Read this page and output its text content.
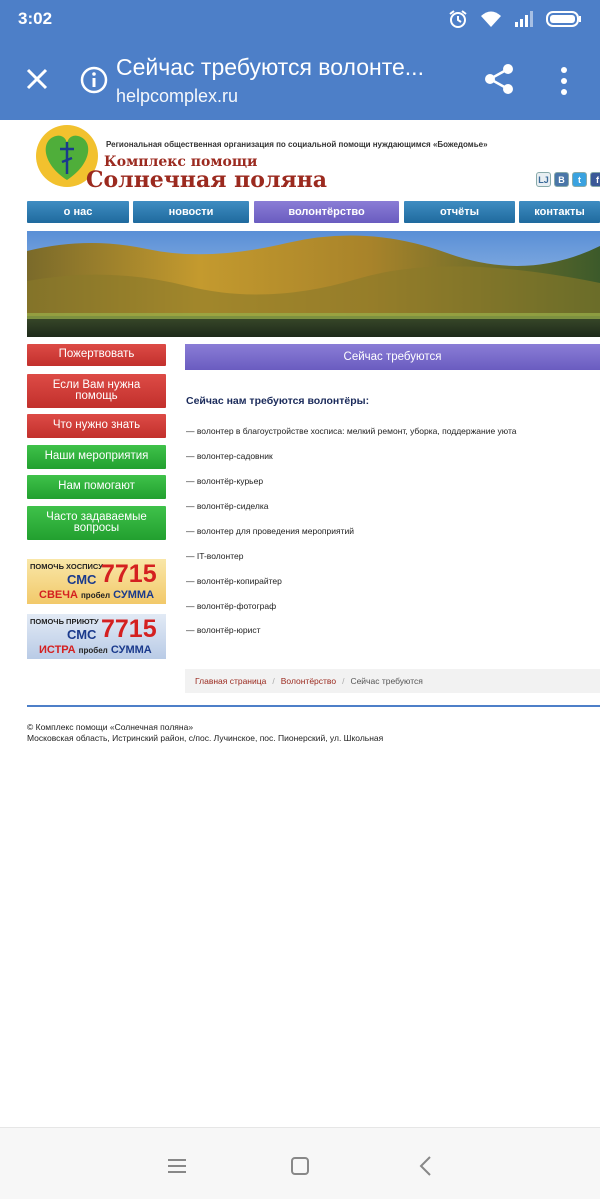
3:02
Сейчас требуются волонте...
helpcomplex.ru
Региональная общественная организация по социальной помощи нуждающимся «Божедомье»
Комплекс помощи
Солнечная поляна	LJ	B	t	f
о нас	новости	волонтёрство	отчёты	контакты
Пожертвовать
Если Вам нужна помощь
Что нужно знать
Наши мероприятия
Нам помогают
Часто задаваемые вопросы
ПОМОЧЬ ХОСПИСУ
СМС 7715
СВЕЧА пробел СУММА
ПОМОЧЬ ПРИЮТУ
СМС 7715
ИСТРА пробел СУММА
Сейчас требуются
Сейчас нам требуются волонтёры:
— волонтер в благоустройстве хосписа: мелкий ремонт, уборка, поддержание уюта
— волонтер-садовник
— волонтёр-курьер
— волонтёр-сиделка
— волонтер для проведения мероприятий
— IT-волонтер
— волонтёр-копирайтер
— волонтёр-фотограф
— волонтёр-юрист
Главная страница / Волонтёрство / Сейчас требуются
© Комплекс помощи «Солнечная поляна»
Московская область, Истринский район, с/пос. Лучинское, пос. Пионерский, ул. Школьная
